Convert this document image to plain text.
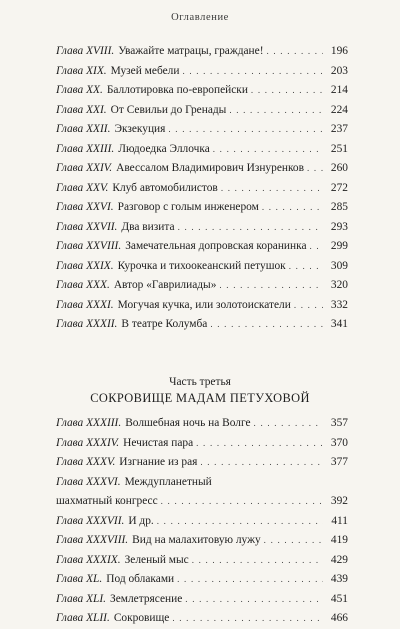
Оглавление
Глава XVIII. Уважайте матрацы, граждане! . . .	196
Глава XIX. Музей мебели . . .	203
Глава XX. Баллотировка по-европейски . . .	214
Глава XXI. От Севильи до Гренады . . .	224
Глава XXII. Экзекуция . . .	237
Глава XXIII. Людоедка Эллочка . . .	251
Глава XXIV. Авессалом Владимирович Изнуренков . . .	260
Глава XXV. Клуб автомобилистов . . .	272
Глава XXVI. Разговор с голым инженером . . .	285
Глава XXVII. Два визита . . .	293
Глава XXVIII. Замечательная допровская коранинка . . .	299
Глава XXIX. Курочка и тихоокеанский петушок . . .	309
Глава XXX. Автор «Гаврилиады» . . .	320
Глава XXXI. Могучая кучка, или золотоискатели . . .	332
Глава XXXII. В театре Колумба . . .	341
Часть третья
СОКРОВИЩЕ МАДАМ ПЕТУХОВОЙ
Глава XXXIII. Волшебная ночь на Волге . . .	357
Глава XXXIV. Нечистая пара . . .	370
Глава XXXV. Изгнание из рая . . .	377
Глава XXXVI. Междупланетный
шахматный конгресс . . .	392
Глава XXXVII. И др. . . .	411
Глава XXXVIII. Вид на малахитовую лужу . . .	419
Глава XXXIX. Зеленый мыс . . .	429
Глава XL. Под облаками . . .	439
Глава XLI. Землетрясение . . .	451
Глава XLII. Сокровище . . .	466
